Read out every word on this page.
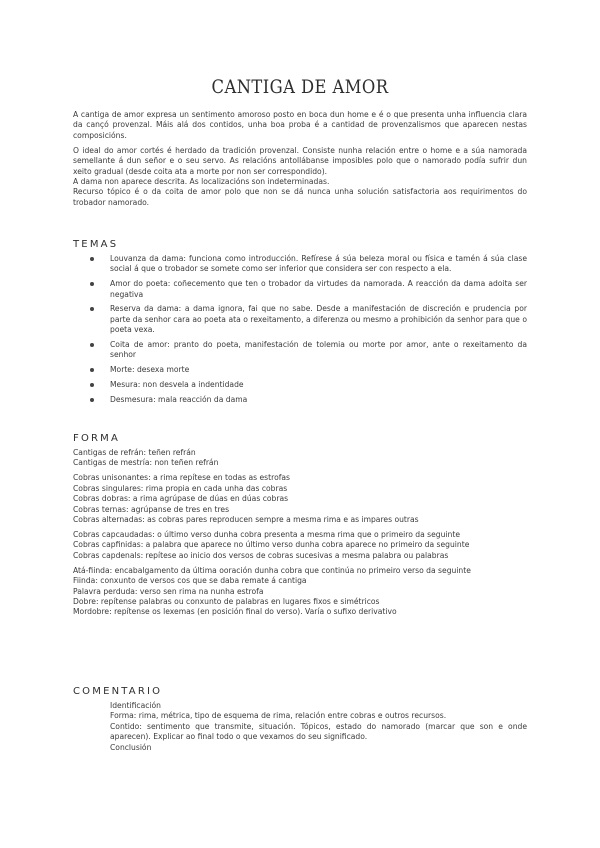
CANTIGA DE AMOR
A cantiga de amor expresa un sentimento amoroso posto en boca dun home e é o que presenta unha influencia clara da cançó provenzal. Máis alá dos contidos, unha boa proba é a cantidad de provenzalismos que aparecen nestas composicións.
O ideal do amor cortés é herdado da tradición provenzal. Consiste nunha relación entre o home e a súa namorada semellante á dun señor e o seu servo. As relacións antollábanse imposibles polo que o namorado podía sufrir dun xeito gradual (desde coita ata a morte por non ser correspondido).
A dama non aparece descrita. As localizacións son indeterminadas.
Recurso tópico é o da coita de amor polo que non se dá nunca unha solución satisfactoria aos requirimentos do trobador namorado.
TEMAS
Louvanza da dama: funciona como introducción. Refírese á súa beleza moral ou física e tamén á súa clase social á que o trobador se somete como ser inferior que considera ser con respecto a ela.
Amor do poeta: coñecemento que ten o trobador da virtudes da namorada. A reacción da dama adoita ser negativa
Reserva da dama: a dama ignora, fai que no sabe. Desde a manifestación de discreción e prudencia por parte da senhor cara ao poeta ata o rexeitamento, a diferenza ou mesmo a prohibición da senhor para que o poeta vexa.
Coita de amor: pranto do poeta, manifestación de tolemia ou morte por amor, ante o rexeitamento da senhor
Morte: desexa morte
Mesura: non desvela a indentidade
Desmesura: mala reacción da dama
FORMA
Cantigas de refrán: teñen refrán
Cantigas de mestría: non teñen refrán
Cobras unisonantes: a rima repítese en todas as estrofas
Cobras singulares: rima propia en cada unha das cobras
Cobras dobras: a rima agrúpase de dúas en dúas cobras
Cobras ternas: agrúpanse de tres en tres
Cobras alternadas: as cobras pares reproducen sempre a mesma rima e as impares outras
Cobras capcaudadas: o último verso dunha cobra presenta a mesma rima que o primeiro da seguinte
Cobras capfinidas: a palabra que aparece no último verso dunha cobra aparece no primeiro da seguinte
Cobras capdenals: repítese ao inicio dos versos de cobras sucesivas a mesma palabra ou palabras
Atá-fiinda: encabalgamento da última ooración dunha cobra que continúa no primeiro verso da seguinte
Fiinda: conxunto de versos cos que se daba remate á cantiga
Palavra perduda: verso sen rima na nunha estrofa
Dobre: repítense palabras ou conxunto de palabras en lugares fixos e simétricos
Mordobre: repítense os lexemas (en posición final do verso). Varía o sufixo derivativo
COMENTARIO
Identificación
Forma: rima, métrica, tipo de esquema de rima, relación entre cobras e outros recursos.
Contido: sentimento que transmite, situación. Tópicos, estado do namorado (marcar que son e onde aparecen). Explicar ao final todo o que vexamos do seu significado.
Conclusión
